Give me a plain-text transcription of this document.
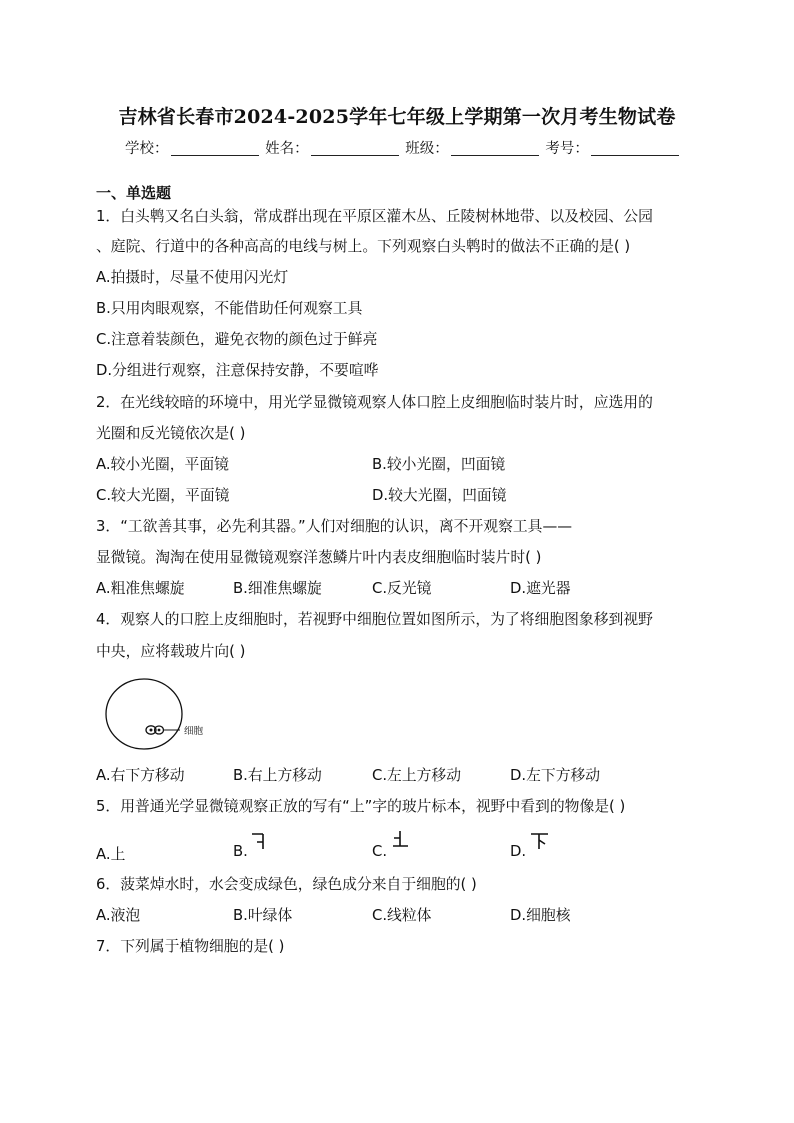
吉林省长春市2024-2025学年七年级上学期第一次月考生物试卷
学校：	姓名：	班级：	考号：
一、单选题
1．白头鹎又名白头翁，常成群出现在平原区灌木丛、丘陵树林地带、以及校园、公园
、庭院、行道中的各种高高的电线与树上。下列观察白头鹎时的做法不正确的是( )
A.拍摄时，尽量不使用闪光灯
B.只用肉眼观察，不能借助任何观察工具
C.注意着装颜色，避免衣物的颜色过于鲜亮
D.分组进行观察，注意保持安静，不要喧哗
2．在光线较暗的环境中，用光学显微镜观察人体口腔上皮细胞临时装片时，应选用的
光圈和反光镜依次是( )
A.较小光圈，平面镜	B.较小光圈，凹面镜
C.较大光圈，平面镜	D.较大光圈，凹面镜
3．“工欲善其事，必先利其器。”人们对细胞的认识，离不开观察工具——
显微镜。淘淘在使用显微镜观察洋葱鳞片叶内表皮细胞临时装片时( )
A.粗准焦螺旋	B.细准焦螺旋	C.反光镜	D.遮光器
4．观察人的口腔上皮细胞时，若视野中细胞位置如图所示，为了将细胞图象移到视野
中央，应将载玻片向( )
细胞
A.右下方移动	B.右上方移动	C.左上方移动	D.左下方移动
5．用普通光学显微镜观察正放的写有“上”字的玻片标本，视野中看到的物像是( )
A.上	B.	C.	D.
6．菠菜焯水时，水会变成绿色，绿色成分来自于细胞的( )
A.液泡	B.叶绿体	C.线粒体	D.细胞核
7．下列属于植物细胞的是( )
